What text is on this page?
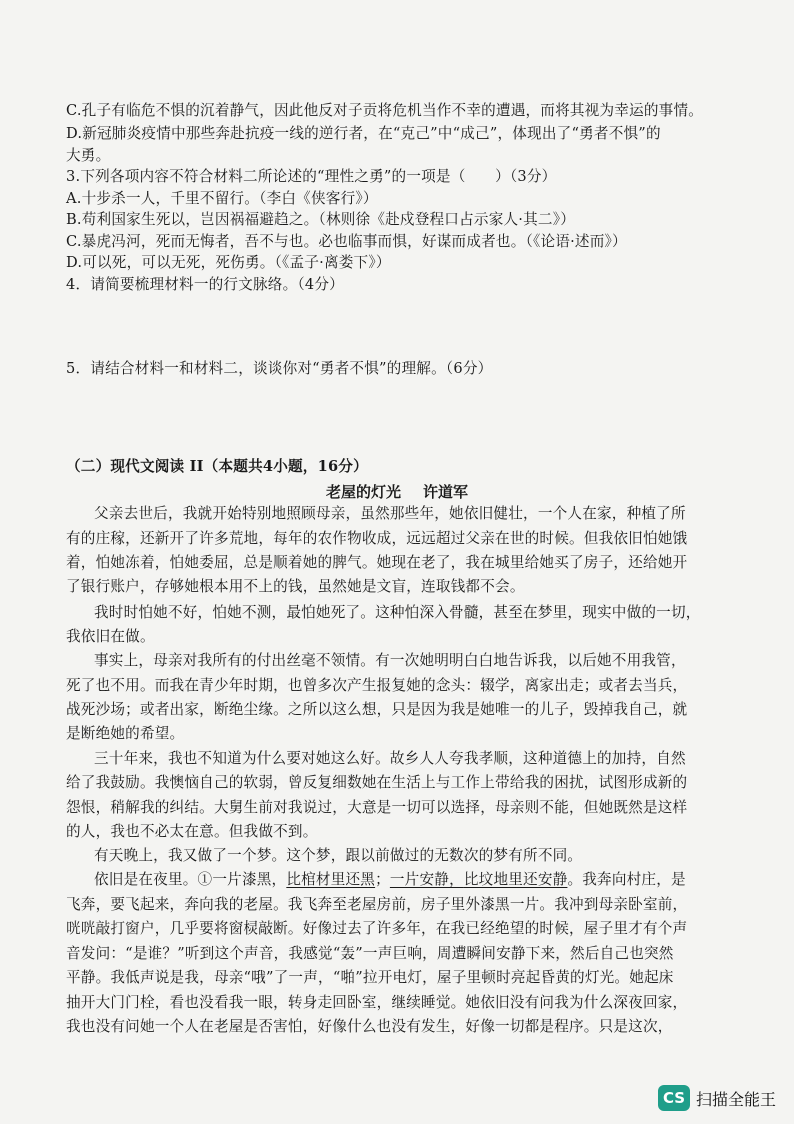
C.孔子有临危不惧的沉着静气，因此他反对子贡将危机当作不幸的遭遇，而将其视为幸运的事情。
D.新冠肺炎疫情中那些奔赴抗疫一线的逆行者，在“克己”中“成己”，体现出了“勇者不惧”的
大勇。
3.下列各项内容不符合材料二所论述的“理性之勇”的一项是（　　）（3分）
A.十步杀一人，千里不留行。（李白《侠客行》）
B.苟利国家生死以，岂因祸福避趋之。（林则徐《赴戍登程口占示家人·其二》）
C.暴虎冯河，死而无悔者，吾不与也。必也临事而惧，好谋而成者也。（《论语·述而》）
D.可以死，可以无死，死伤勇。（《孟子·离娄下》）
4．请简要梳理材料一的行文脉络。（4分）
5．请结合材料一和材料二，谈谈你对“勇者不惧”的理解。（6分）
（二）现代文阅读 II（本题共4小题，16分）
老屋的灯光 许道军
父亲去世后，我就开始特别地照顾母亲，虽然那些年，她依旧健壮，一个人在家，种植了所
有的庄稼，还新开了许多荒地，每年的农作物收成，远远超过父亲在世的时候。但我依旧怕她饿
着，怕她冻着，怕她委屈，总是顺着她的脾气。她现在老了，我在城里给她买了房子，还给她开
了银行账户，存够她根本用不上的钱，虽然她是文盲，连取钱都不会。
我时时怕她不好，怕她不测，最怕她死了。这种怕深入骨髓，甚至在梦里，现实中做的一切，
我依旧在做。
事实上，母亲对我所有的付出丝毫不领情。有一次她明明白白地告诉我，以后她不用我管，
死了也不用。而我在青少年时期，也曾多次产生报复她的念头：辍学，离家出走；或者去当兵，
战死沙场；或者出家，断绝尘缘。之所以这么想，只是因为我是她唯一的儿子，毁掉我自己，就
是断绝她的希望。
三十年来，我也不知道为什么要对她这么好。故乡人人夸我孝顺，这种道德上的加持，自然
给了我鼓励。我懊恼自己的软弱，曾反复细数她在生活上与工作上带给我的困扰，试图形成新的
怨恨，稍解我的纠结。大舅生前对我说过，大意是一切可以选择，母亲则不能，但她既然是这样
的人，我也不必太在意。但我做不到。
有天晚上，我又做了一个梦。这个梦，跟以前做过的无数次的梦有所不同。
依旧是在夜里。①一片漆黑，比棺材里还黑；一片安静，比坟地里还安静。我奔向村庄，是
飞奔，要飞起来，奔向我的老屋。我飞奔至老屋房前，房子里外漆黑一片。我冲到母亲卧室前，
咣咣敲打窗户，几乎要将窗棂敲断。好像过去了许多年，在我已经绝望的时候，屋子里才有个声
音发问：“是谁？”听到这个声音，我感觉“轰”一声巨响，周遭瞬间安静下来，然后自己也突然
平静。我低声说是我，母亲“哦”了一声，“啪”拉开电灯，屋子里顿时亮起昏黄的灯光。她起床
抽开大门门栓，看也没看我一眼，转身走回卧室，继续睡觉。她依旧没有问我为什么深夜回家，
我也没有问她一个人在老屋是否害怕，好像什么也没有发生，好像一切都是程序。只是这次，
CS 扫描全能王
